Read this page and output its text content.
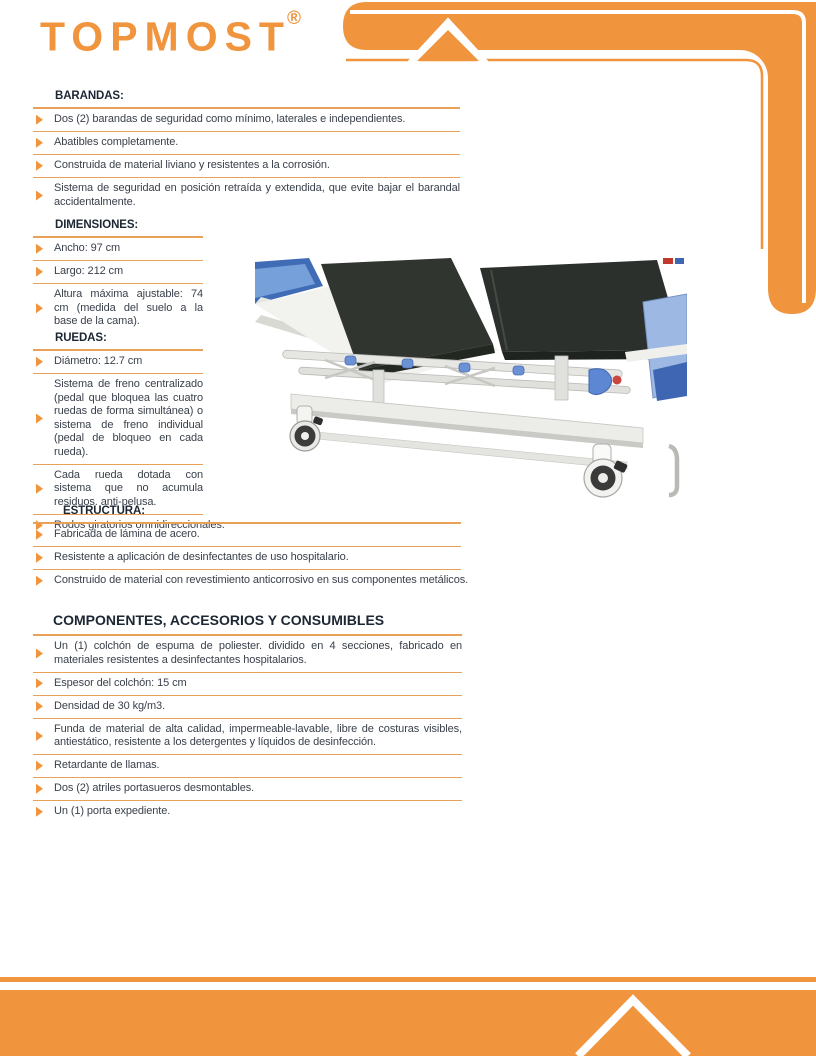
TOPMOST®
BARANDAS:

Dos (2) barandas de seguridad como mínimo, laterales e independientes.

Abatibles completamente.

Construida de material liviano y resistentes a la corrosión.

Sistema de seguridad en posición retraída y extendida, que evite bajar el barandal accidentalmente.

DIMENSIONES:

Ancho: 97 cm

Largo: 212 cm

Altura máxima ajustable: 74 cm (medida del suelo a la base de la cama).

RUEDAS:

Diámetro: 12.7 cm

Sistema de freno centralizado (pedal que bloquea las cuatro ruedas de forma simultánea) o sistema de freno individual (pedal de bloqueo en cada rueda).

Cada rueda dotada con sistema que no acumula residuos. anti-pelusa.

Rodos giratorios omnidireccionales.

ESTRUCTURA:

Fabricada de lámina de acero.

Resistente a aplicación de desinfectantes de uso hospitalario.

Construido de material con revestimiento anticorrosivo en sus componentes metálicos.

COMPONENTES, ACCESORIOS Y CONSUMIBLES

Un (1) colchón de espuma de poliester. dividido en 4 secciones, fabricado en materiales resistentes a desinfectantes hospitalarios.

Espesor del colchón: 15 cm

Densidad de 30 kg/m3.

Funda de material de alta calidad, impermeable-lavable, libre de costuras visibles, antiestático, resistente a los detergentes y líquidos de desinfección.

Retardante de llamas.

Dos (2) atriles portasueros desmontables.

Un (1) porta expediente.
